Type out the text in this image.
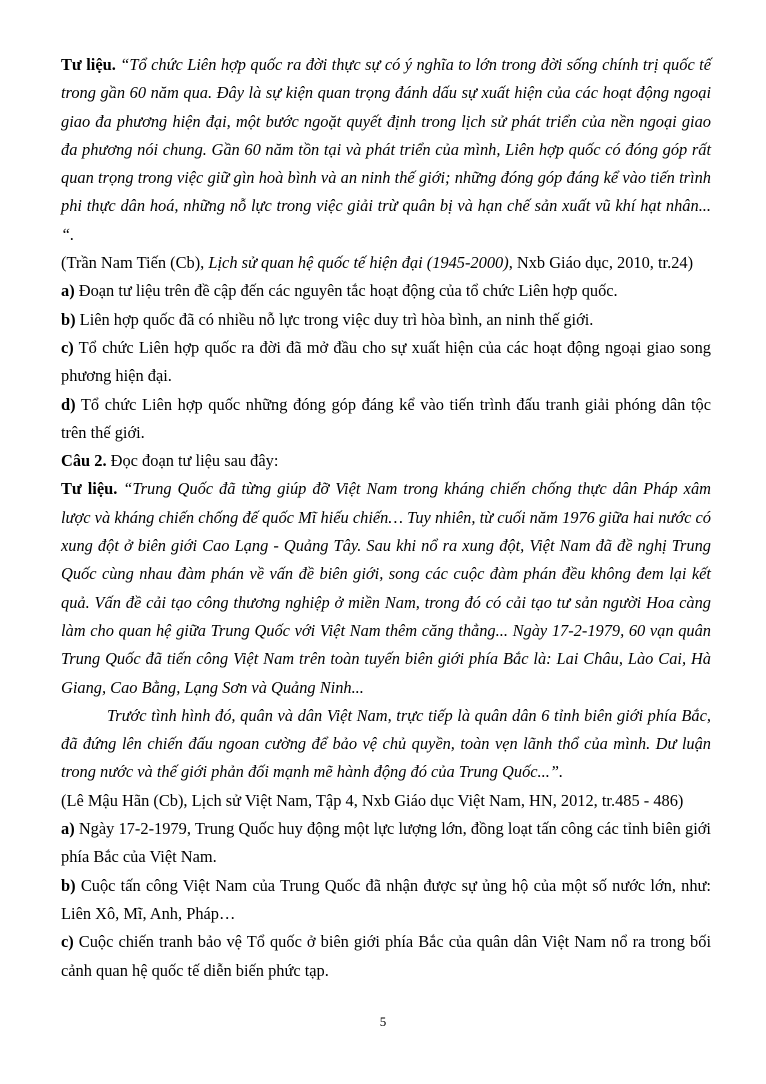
Tư liệu. “Tổ chức Liên hợp quốc ra đời thực sự có ý nghĩa to lớn trong đời sống chính trị quốc tế trong gần 60 năm qua. Đây là sự kiện quan trọng đánh dấu sự xuất hiện của các hoạt động ngoại giao đa phương hiện đại, một bước ngoặt quyết định trong lịch sử phát triển của nền ngoại giao đa phương nói chung. Gần 60 năm tồn tại và phát triển của mình, Liên hợp quốc có đóng góp rất quan trọng trong việc giữ gìn hoà bình và an ninh thế giới; những đóng góp đáng kể vào tiến trình phi thực dân hoá, những nỗ lực trong việc giải trừ quân bị và hạn chế sản xuất vũ khí hạt nhân... “.

(Trần Nam Tiến (Cb), Lịch sử quan hệ quốc tế hiện đại (1945-2000), Nxb Giáo dục, 2010, tr.24)

a) Đoạn tư liệu trên đề cập đến các nguyên tắc hoạt động của tổ chức Liên hợp quốc.

b) Liên hợp quốc đã có nhiều nỗ lực trong việc duy trì hòa bình, an ninh thế giới.

c) Tổ chức Liên hợp quốc ra đời đã mở đầu cho sự xuất hiện của các hoạt động ngoại giao song phương hiện đại.

d) Tổ chức Liên hợp quốc những đóng góp đáng kể vào tiến trình đấu tranh giải phóng dân tộc trên thế giới.

Câu 2. Đọc đoạn tư liệu sau đây:

Tư liệu. “Trung Quốc đã từng giúp đỡ Việt Nam trong kháng chiến chống thực dân Pháp xâm lược và kháng chiến chống đế quốc Mĩ hiếu chiến… Tuy nhiên, từ cuối năm 1976 giữa hai nước có xung đột ở biên giới Cao Lạng - Quảng Tây. Sau khi nổ ra xung đột, Việt Nam đã đề nghị Trung Quốc cùng nhau đàm phán về vấn đề biên giới, song các cuộc đàm phán đều không đem lại kết quả. Vấn đề cải tạo công thương nghiệp ở miền Nam, trong đó có cải tạo tư sản người Hoa càng làm cho quan hệ giữa Trung Quốc với Việt Nam thêm căng thẳng... Ngày 17-2-1979, 60 vạn quân Trung Quốc đã tiến công Việt Nam trên toàn tuyến biên giới phía Bắc là: Lai Châu, Lào Cai, Hà Giang, Cao Bằng, Lạng Sơn và Quảng Ninh...

Trước tình hình đó, quân và dân Việt Nam, trực tiếp là quân dân 6 tỉnh biên giới phía Bắc, đã đứng lên chiến đấu ngoan cường để bảo vệ chủ quyền, toàn vẹn lãnh thổ của mình. Dư luận trong nước và thế giới phản đối mạnh mẽ hành động đó của Trung Quốc...”.

(Lê Mậu Hãn (Cb), Lịch sử Việt Nam, Tập 4, Nxb Giáo dục Việt Nam, HN, 2012, tr.485 - 486)

a) Ngày 17-2-1979, Trung Quốc huy động một lực lượng lớn, đồng loạt tấn công các tỉnh biên giới phía Bắc của Việt Nam.

b) Cuộc tấn công Việt Nam của Trung Quốc đã nhận được sự ủng hộ của một số nước lớn, như: Liên Xô, Mĩ, Anh, Pháp…

c) Cuộc chiến tranh bảo vệ Tổ quốc ở biên giới phía Bắc của quân dân Việt Nam nổ ra trong bối cảnh quan hệ quốc tế diễn biến phức tạp.

5
